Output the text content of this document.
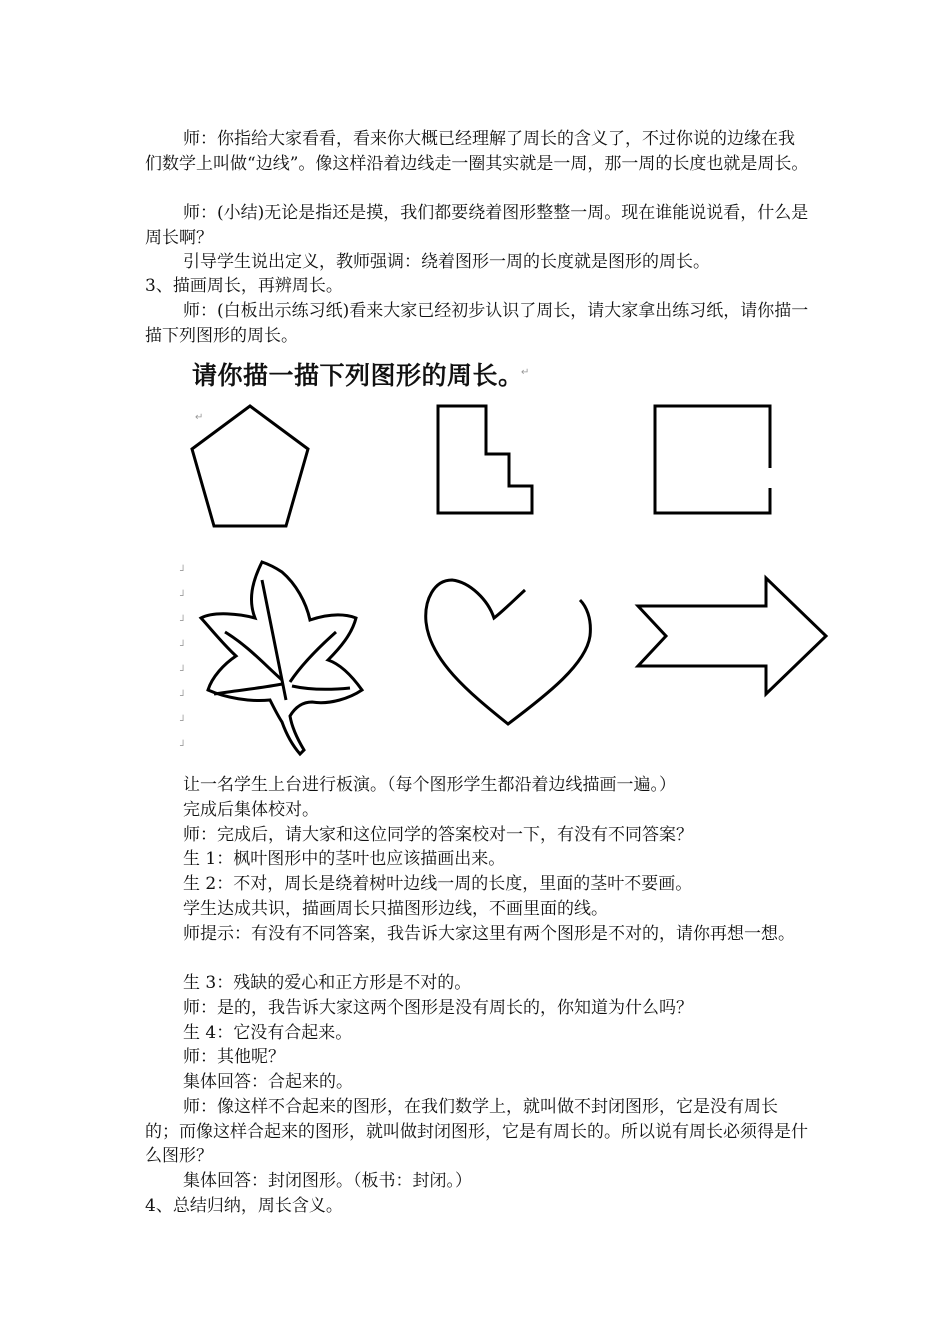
师：你指给大家看看，看来你大概已经理解了周长的含义了，不过你说的边缘在我们数学上叫做“边线”。像这样沿着边线走一圈其实就是一周，那一周的长度也就是周长。

师：(小结)无论是指还是摸，我们都要绕着图形整整一周。现在谁能说说看，什么是周长啊？

引导学生说出定义，教师强调：绕着图形一周的长度就是图形的周长。

3、描画周长，再辨周长。

师：(白板出示练习纸)看来大家已经初步认识了周长，请大家拿出练习纸，请你描一描下列图形的周长。

请你描一描下列图形的周长。
↵
↵
┘
┘
┘
┘
┘
┘
┘
┘

让一名学生上台进行板演。（每个图形学生都沿着边线描画一遍。）

完成后集体校对。

师：完成后，请大家和这位同学的答案校对一下，有没有不同答案？

生 1：枫叶图形中的茎叶也应该描画出来。

生 2：不对，周长是绕着树叶边线一周的长度，里面的茎叶不要画。

学生达成共识，描画周长只描图形边线，不画里面的线。

师提示：有没有不同答案，我告诉大家这里有两个图形是不对的，请你再想一想。

生 3：残缺的爱心和正方形是不对的。

师：是的，我告诉大家这两个图形是没有周长的，你知道为什么吗？

生 4：它没有合起来。

师：其他呢？

集体回答：合起来的。

师：像这样不合起来的图形，在我们数学上，就叫做不封闭图形，它是没有周长的；而像这样合起来的图形，就叫做封闭图形，它是有周长的。所以说有周长必须得是什么图形？

集体回答：封闭图形。（板书：封闭。）

4、总结归纳，周长含义。
